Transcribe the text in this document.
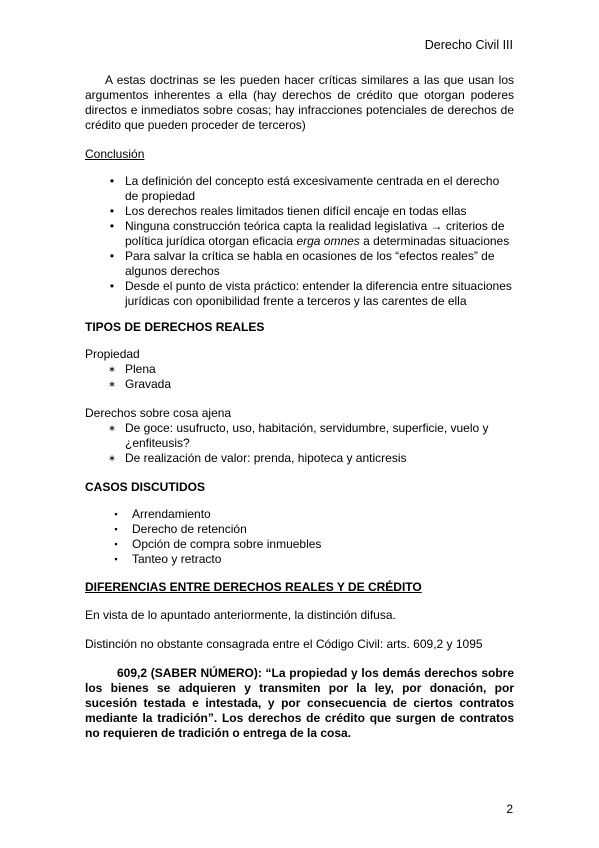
Derecho Civil III
A estas doctrinas se les pueden hacer críticas similares a las que usan los argumentos inherentes a ella (hay derechos de crédito que otorgan poderes directos e inmediatos sobre cosas; hay infracciones potenciales de derechos de crédito que pueden proceder de terceros)
Conclusión
• La definición del concepto está excesivamente centrada en el derecho de propiedad
• Los derechos reales limitados tienen difícil encaje en todas ellas
• Ninguna construcción teórica capta la realidad legislativa → criterios de política jurídica otorgan eficacia erga omnes a determinadas situaciones
• Para salvar la crítica se habla en ocasiones de los “efectos reales” de algunos derechos
• Desde el punto de vista práctico: entender la diferencia entre situaciones jurídicas con oponibilidad frente a terceros y las carentes de ella
TIPOS DE DERECHOS REALES
Propiedad
∗ Plena
∗ Gravada
Derechos sobre cosa ajena
∗ De goce: usufructo, uso, habitación, servidumbre, superficie, vuelo y ¿enfiteusis?
∗ De realización de valor: prenda, hipoteca y anticresis
CASOS DISCUTIDOS
▪ Arrendamiento
▪ Derecho de retención
▪ Opción de compra sobre inmuebles
▪ Tanteo y retracto
DIFERENCIAS ENTRE DERECHOS REALES Y DE CRÉDITO
En vista de lo apuntado anteriormente, la distinción difusa.
Distinción no obstante consagrada entre el Código Civil: arts. 609,2 y 1095
609,2 (SABER NÚMERO): “La propiedad y los demás derechos sobre los bienes se adquieren y transmiten por la ley, por donación, por sucesión testada e intestada, y por consecuencia de ciertos contratos mediante la tradición”. Los derechos de crédito que surgen de contratos no requieren de tradición o entrega de la cosa.
2
